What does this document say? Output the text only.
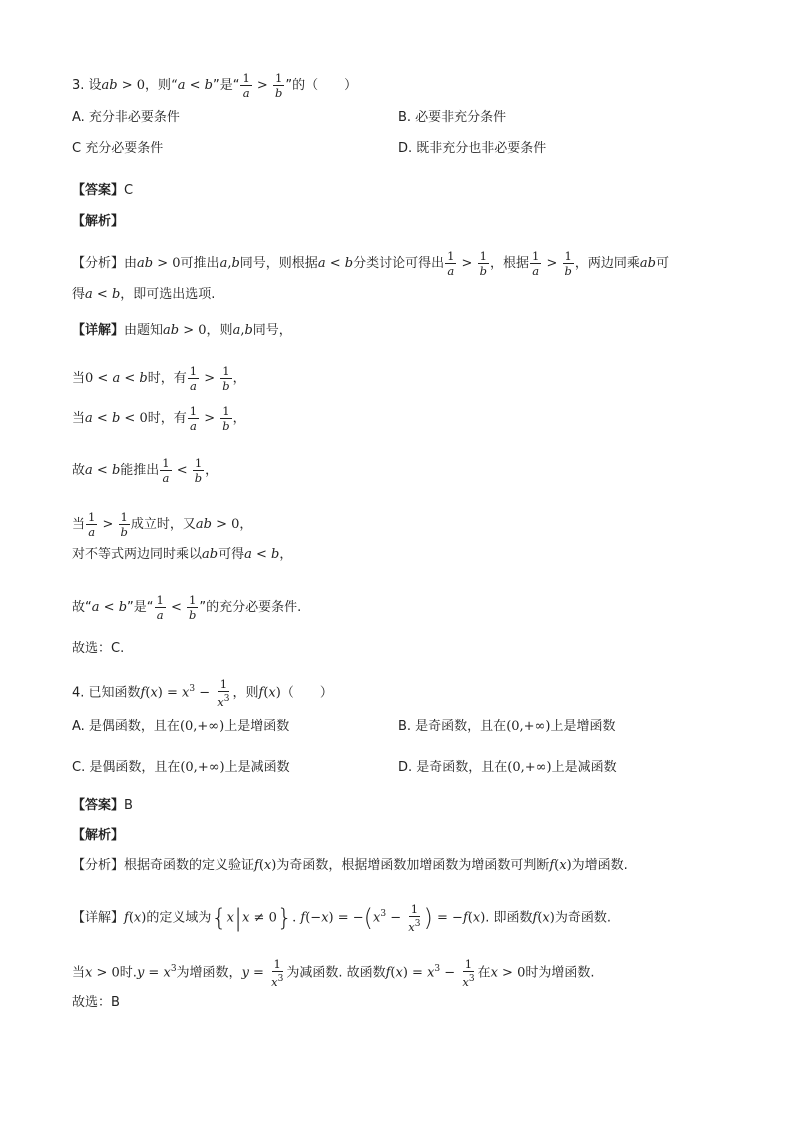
3. 设ab > 0，则“a < b”是“ $\frac{1}{a} > \frac{1}{b}$ ”的（　　）
A. 充分非必要条件	B. 必要非充分条件
C 充分必要条件	D. 既非充分也非必要条件
【答案】C
【解析】
【分析】由ab > 0可推出a,b同号，则根据a < b分类讨论可得出 $\frac{1}{a} > \frac{1}{b}$ ，根据 $\frac{1}{a} > \frac{1}{b}$ ，两边同乘ab可
得a < b，即可选出选项.
【详解】由题知ab > 0，则a,b同号，
当0 < a < b时，有 $\frac{1}{a} > \frac{1}{b}$ ，
当a < b < 0时，有 $\frac{1}{a} > \frac{1}{b}$ ，
故a < b能推出 $\frac{1}{a} < \frac{1}{b}$ ，
当 $\frac{1}{a} > \frac{1}{b}$ 成立时，又ab > 0，
对不等式两边同时乘以ab可得a < b，
故“a < b”是“ $\frac{1}{a} < \frac{1}{b}$ ”的充分必要条件.
故选：C.
4. 已知函数$f(x) = x^3 - \frac{1}{x^3}$ ，则f(x)（　　）
A. 是偶函数，且在(0,+∞)上是增函数	B. 是奇函数，且在(0,+∞)上是增函数
C. 是偶函数，且在(0,+∞)上是减函数	D. 是奇函数，且在(0,+∞)上是减函数
【答案】B
【解析】
【分析】根据奇函数的定义验证f(x)为奇函数，根据增函数加增函数为增函数可判断f(x)为增函数.
【详解】f(x)的定义域为{x|x ≠ 0}. $f(-x) = -(x^3 - \frac{1}{x^3}$ ) = −f(x). 即函数f(x)为奇函数.
当x > 0时$.y = x^3$为增函数，$y = \frac{1}{x^3}$ 为减函数. 故函数$f(x) = x^3 - \frac{1}{x^3}$ 在x > 0时为增函数.
故选：B
